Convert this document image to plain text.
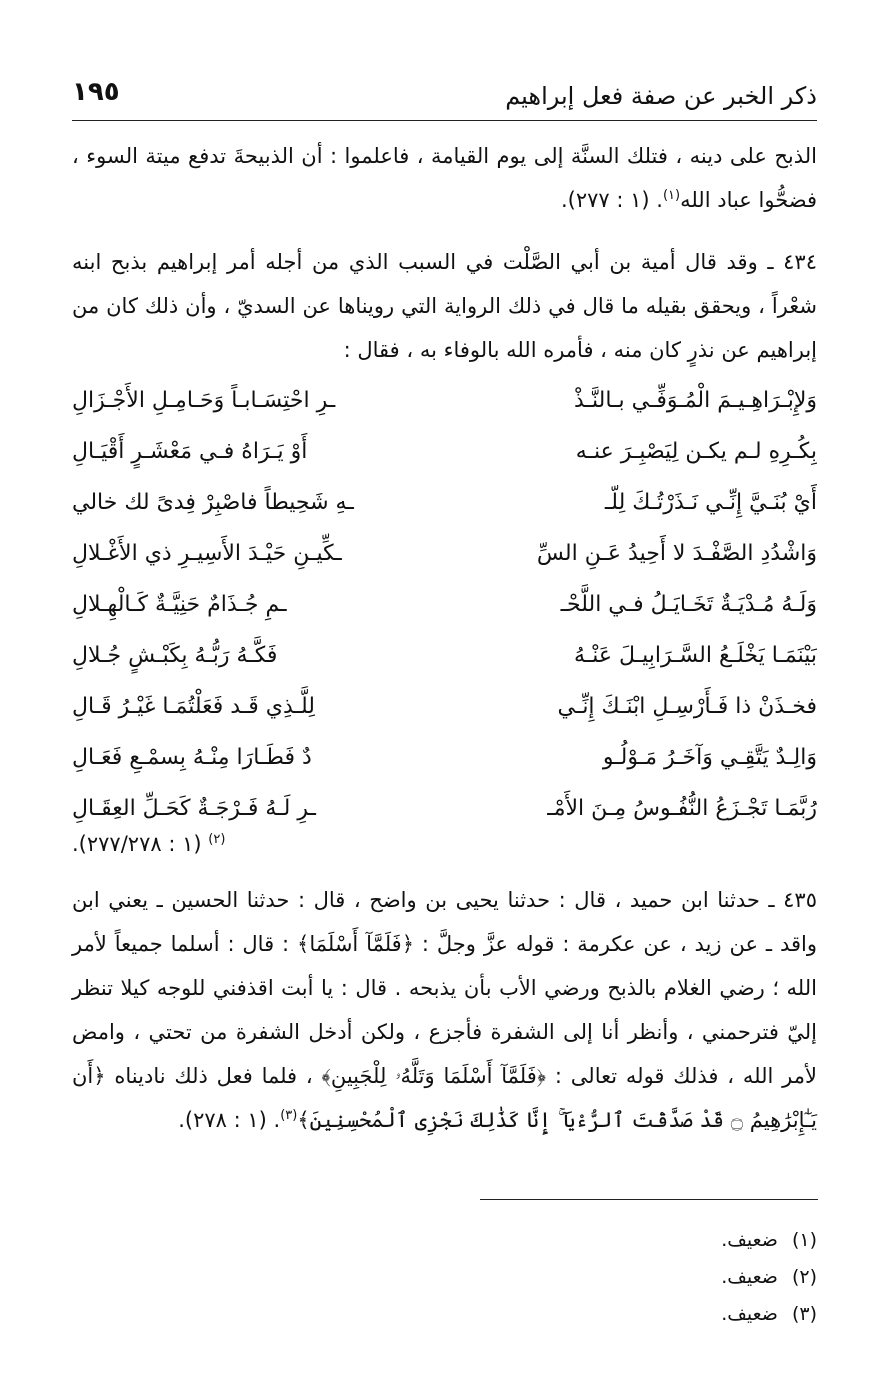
ذكر الخبر عن صفة فعل إبراهيم
١٩٥
الذبح على دينه ، فتلك السنَّة إلى يوم القيامة ، فاعلموا : أن الذبيحةَ تدفع ميتة السوء ، فضحُّوا عباد الله$^{(١)}$. (١ : ٢٧٧).
٤٣٤ ـ وقد قال أمية بن أبي الصَّلْت في السبب الذي من أجله أمر إبراهيم بذبح ابنه شعْراً ، ويحقق بقيله ما قال في ذلك الرواية التي رويناها عن السديّ ، وأن ذلك كان من إبراهيم عن نذرٍ كان منه ، فأمره الله بالوفاء به ، فقال :
وَلإِبْـرَاهِـيـمَ الْمُـوَفِّـي بـالنَّـذْ
ـرِ احْتِسَـابـاً وَحَـامِـلِ الأَجْـزَالِ
بِكُـرِهِ لـم يكـن لِيَصْبِـرَ عنـه
أَوْ يَـرَاهُ فـي مَعْشَـرٍ أَقْيَـالِ
أَيْ بُنَـيَّ إِنِّـي نَـذَرْتُـكَ لِلّـ
ـهِ شَحِيطاً فاصْبِرْ فِدىً لك خالي
وَاشْدُدِ الصَّفْـدَ لا أَحِيدُ عَـنِ السِّ
ـكِّيـنِ حَيْـدَ الأَسِيـرِ ذي الأَغْـلالِ
وَلَـهُ مُـدْيَـةٌ تَخَـايَـلُ فـي اللَّحْـ
ـمِ جُـذَامٌ حَنِيَّـةٌ كَـالْهِـلالِ
بَيْنَمَـا يَخْلَـعُ السَّـرَابِيـلَ عَنْـهُ
فَكَّـهُ رَبُّـهُ بِكَبْـشٍ جُـلالِ
فخـذَنْ ذا فَـأَرْسِـلِ ابْنَـكَ إِنِّـي
لِلَّـذِي قَـد فَعَلْتُمَـا غَيْـرُ قَـالِ
وَالِـدٌ يَتَّقِـي وَآخَـرُ مَـوْلُـو
دٌ فَطَـارَا مِنْـهُ بِسمْـعِ فَعَـالِ
رُبَّمَـا تَجْـزَعُ النُّفُـوسُ مِـنَ الأَمْـ
ـرِ لَـهُ فَـرْجَـةٌ كَحَـلِّ العِقَـالِ
$^{(٢)}$ (١ : ٢٧٧/٢٧٨).
٤٣٥ ـ حدثنا ابن حميد ، قال : حدثنا يحيى بن واضح ، قال : حدثنا الحسين ـ يعني ابن واقد ـ عن زيد ، عن عكرمة : قوله عزَّ وجلَّ : ﴿فَلَمَّآ أَسْلَمَا﴾ : قال : أسلما جميعاً لأمر الله ؛ رضي الغلام بالذبح ورضي الأب بأن يذبحه . قال : يا أبت اقذفني للوجه كيلا تنظر إليّ فترحمني ، وأنظر أنا إلى الشفرة فأجزع ، ولكن أدخل الشفرة من تحتي ، وامض لأمر الله ، فذلك قوله تعالى : ﴿فَلَمَّآ أَسْلَمَا وَتَلَّهُۥ لِلْجَبِينِ﴾ ، فلما فعل ذلك ناديناه ﴿أَن يَـٰٓإِبْرَٰهِيمُ ۝ قَدْ صَدَّقْتَ ٱلرُّءْيَآ ۚ إِنَّا كَذَٰلِكَ نَجْزِى ٱلْمُحْسِنِينَ﴾$^{(٣)}$. (١ : ٢٧٨).
(١)ضعيف.
(٢)ضعيف.
(٣)ضعيف.
